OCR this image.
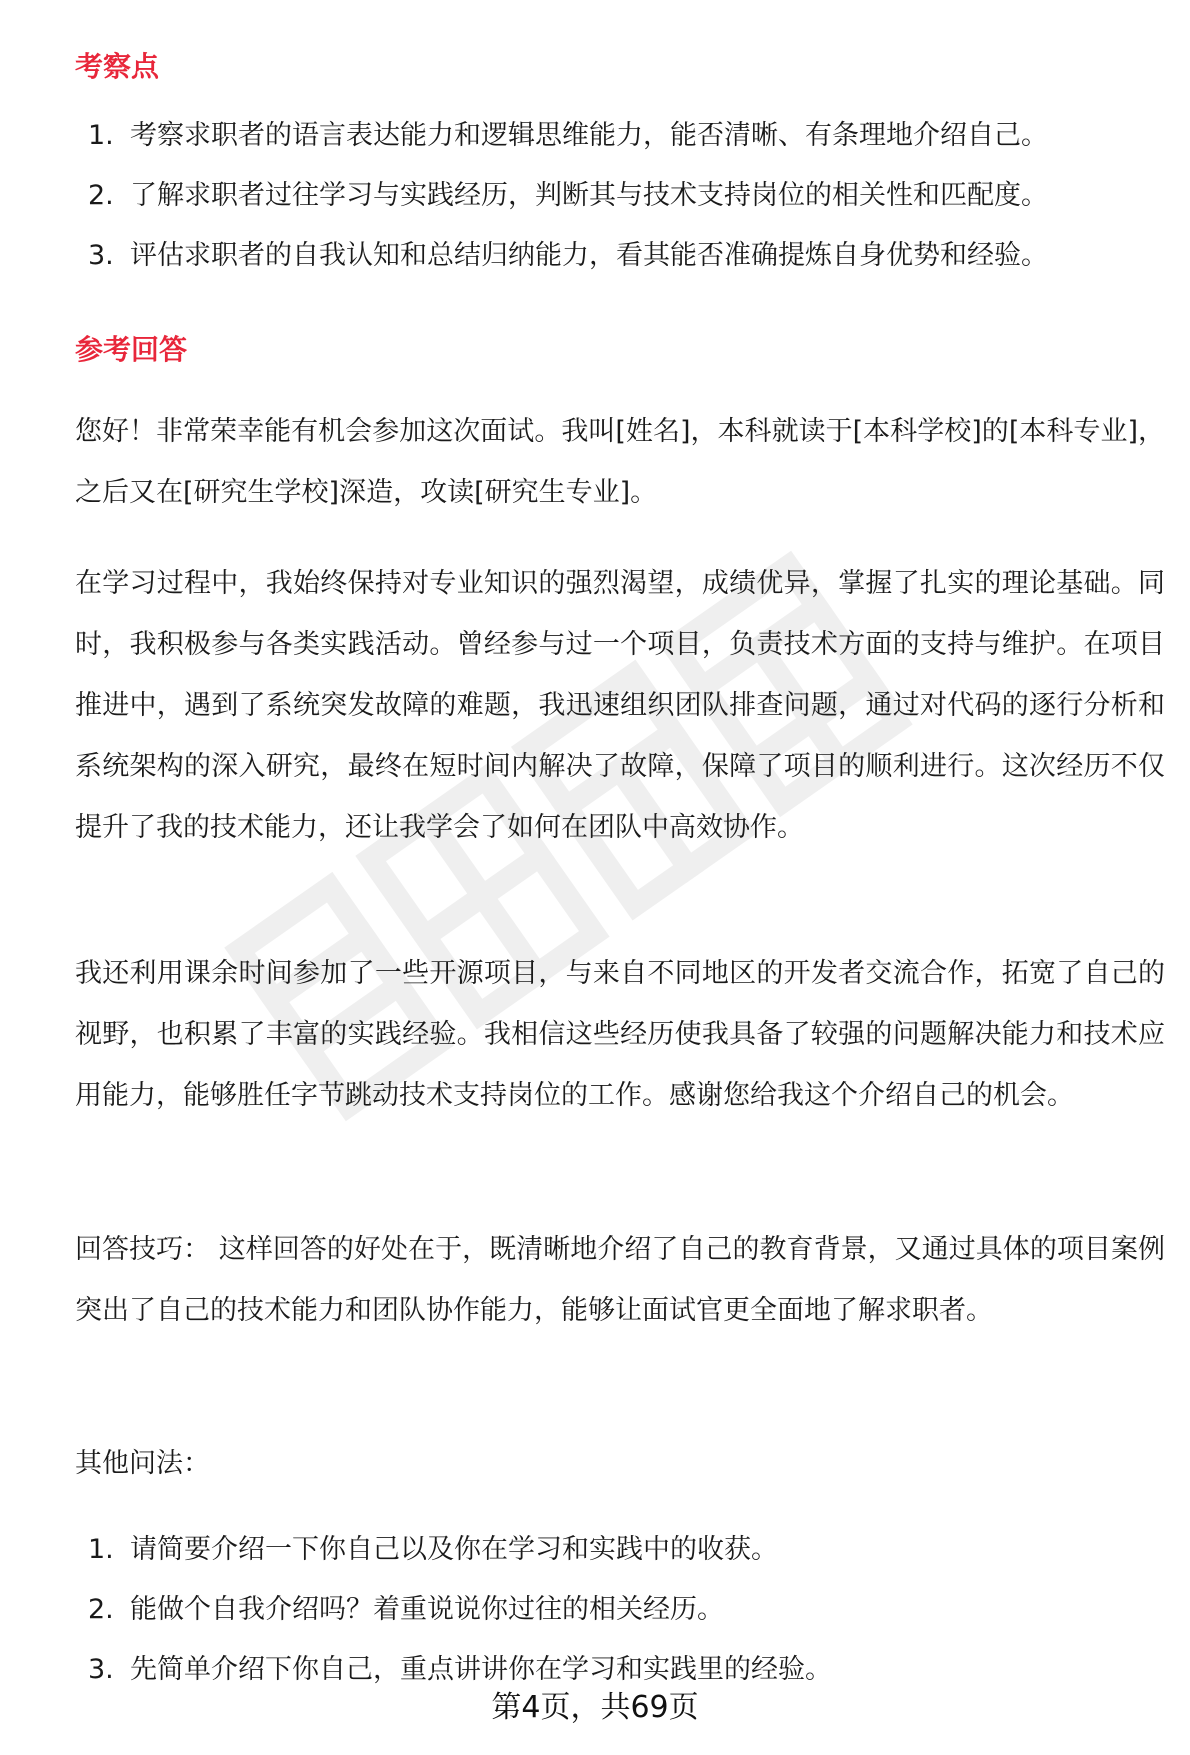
考察点
1. 考察求职者的语言表达能力和逻辑思维能力，能否清晰、有条理地介绍自己。
2. 了解求职者过往学习与实践经历，判断其与技术支持岗位的相关性和匹配度。
3. 评估求职者的自我认知和总结归纳能力，看其能否准确提炼自身优势和经验。
参考回答

您好！非常荣幸能有机会参加这次面试。我叫[姓名]，本科就读于[本科学校]的[本科专业]，之后又在[研究生学校]深造，攻读[研究生专业]。

在学习过程中，我始终保持对专业知识的强烈渴望，成绩优异，掌握了扎实的理论基础。同时，我积极参与各类实践活动。曾经参与过一个项目，负责技术方面的支持与维护。在项目推进中，遇到了系统突发故障的难题，我迅速组织团队排查问题，通过对代码的逐行分析和系统架构的深入研究，最终在短时间内解决了故障，保障了项目的顺利进行。这次经历不仅提升了我的技术能力，还让我学会了如何在团队中高效协作。

我还利用课余时间参加了一些开源项目，与来自不同地区的开发者交流合作，拓宽了自己的视野，也积累了丰富的实践经验。我相信这些经历使我具备了较强的问题解决能力和技术应用能力，能够胜任字节跳动技术支持岗位的工作。感谢您给我这个介绍自己的机会。

回答技巧： 这样回答的好处在于，既清晰地介绍了自己的教育背景，又通过具体的项目案例突出了自己的技术能力和团队协作能力，能够让面试官更全面地了解求职者。

其他问法：

1. 请简要介绍一下你自己以及你在学习和实践中的收获。
2. 能做个自我介绍吗？着重说说你过往的相关经历。
3. 先简单介绍下你自己，重点讲讲你在学习和实践里的经验。
第4页，共69页
